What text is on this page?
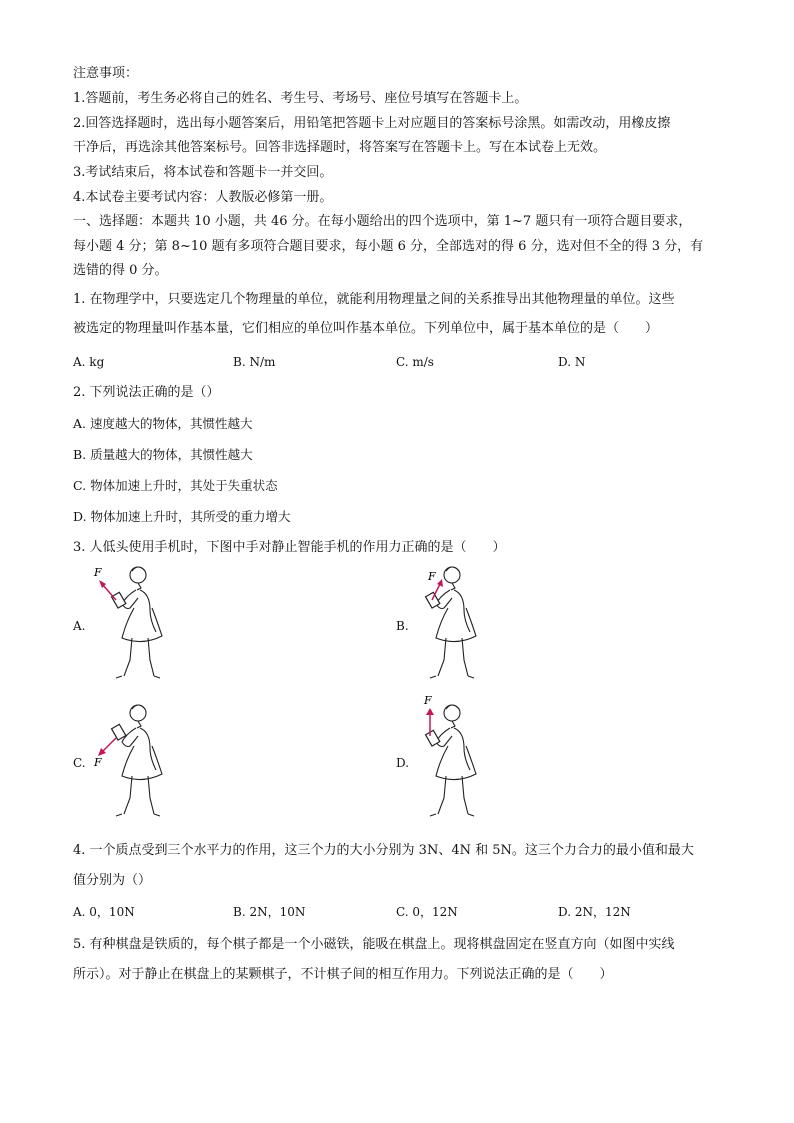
注意事项：
1.答题前，考生务必将自己的姓名、考生号、考场号、座位号填写在答题卡上。
2.回答选择题时，选出每小题答案后，用铅笔把答题卡上对应题目的答案标号涂黑。如需改动，用橡皮擦
干净后，再选涂其他答案标号。回答非选择题时，将答案写在答题卡上。写在本试卷上无效。
3.考试结束后，将本试卷和答题卡一并交回。
4.本试卷主要考试内容：人教版必修第一册。
一、选择题：本题共 10 小题，共 46 分。在每小题给出的四个选项中，第 1~7 题只有一项符合题目要求，
每小题 4 分；第 8~10 题有多项符合题目要求，每小题 6 分，全部选对的得 6 分，选对但不全的得 3 分，有
选错的得 0 分。
1. 在物理学中，只要选定几个物理量的单位，就能利用物理量之间的关系推导出其他物理量的单位。这些
被选定的物理量叫作基本量，它们相应的单位叫作基本单位。下列单位中，属于基本单位的是（　　）
A. kg	B. N/m	C. m/s	D. N
2. 下列说法正确的是（）
A. 速度越大的物体，其惯性越大
B. 质量越大的物体，其惯性越大
C. 物体加速上升时，其处于失重状态
D. 物体加速上升时，其所受的重力增大
3. 人低头使用手机时，下图中手对静止智能手机的作用力正确的是（　　）
A.	B.
C.	D.
F	F
F
F
4. 一个质点受到三个水平力的作用，这三个力的大小分别为 3N、4N 和 5N。这三个力合力的最小值和最大
值分别为（）
A. 0，10N	B. 2N，10N	C. 0，12N	D. 2N，12N
5. 有种棋盘是铁质的，每个棋子都是一个小磁铁，能吸在棋盘上。现将棋盘固定在竖直方向（如图中实线
所示）。对于静止在棋盘上的某颗棋子，不计棋子间的相互作用力。下列说法正确的是（　　）
